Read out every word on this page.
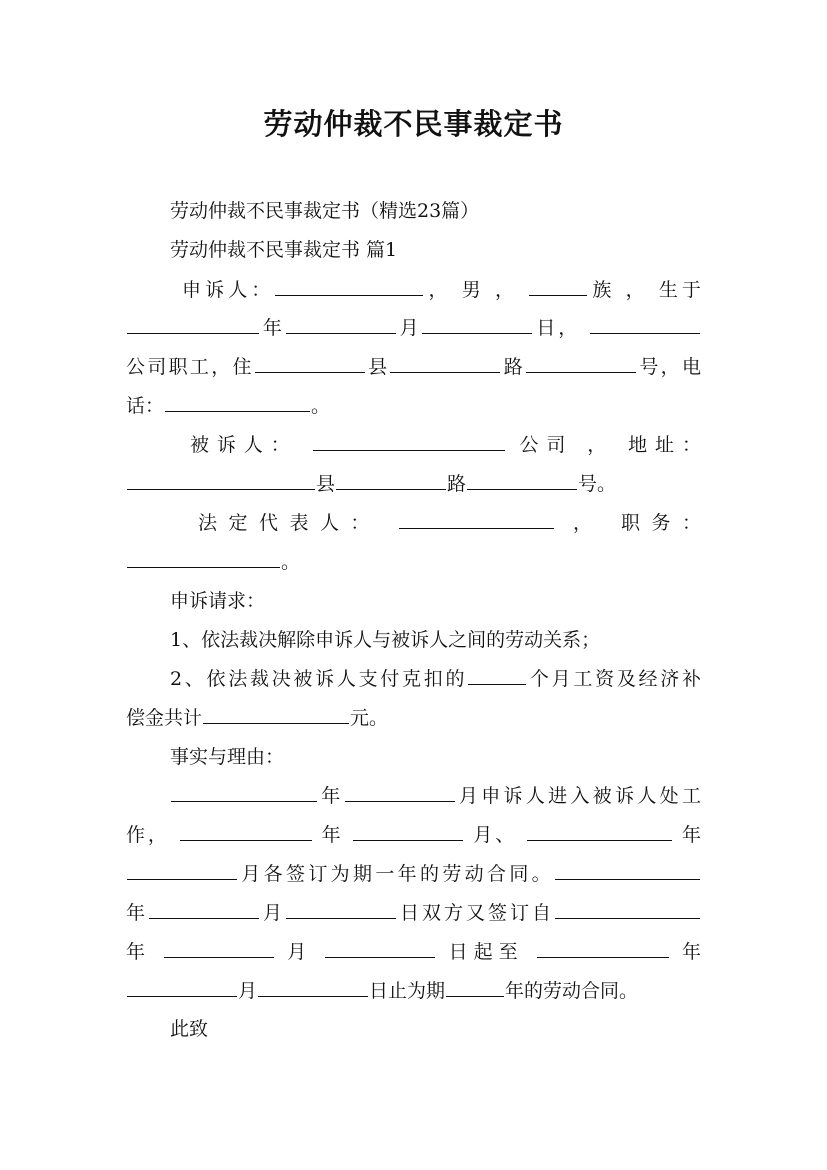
劳动仲裁不民事裁定书
劳动仲裁不民事裁定书（精选23篇）
劳动仲裁不民事裁定书 篇1
申诉人：	， 男 ，	族 ， 生于
年	月	日，
公司职工，住	县	路	号，电
话：	。
被诉人：	公司 ， 地址：
县	路	号。
法定代表人：	， 职务：
。
申诉请求：
1、依法裁决解除申诉人与被诉人之间的劳动关系；
2、依法裁决被诉人支付克扣的	个月工资及经济补
偿金共计	元。
事实与理由：
年	月申诉人进入被诉人处工
作，	年	月、	年
月各签订为期一年的劳动合同。
年	月	日双方又签订自
年	月	日起至	年
月	日止为期	年的劳动合同。
此致
